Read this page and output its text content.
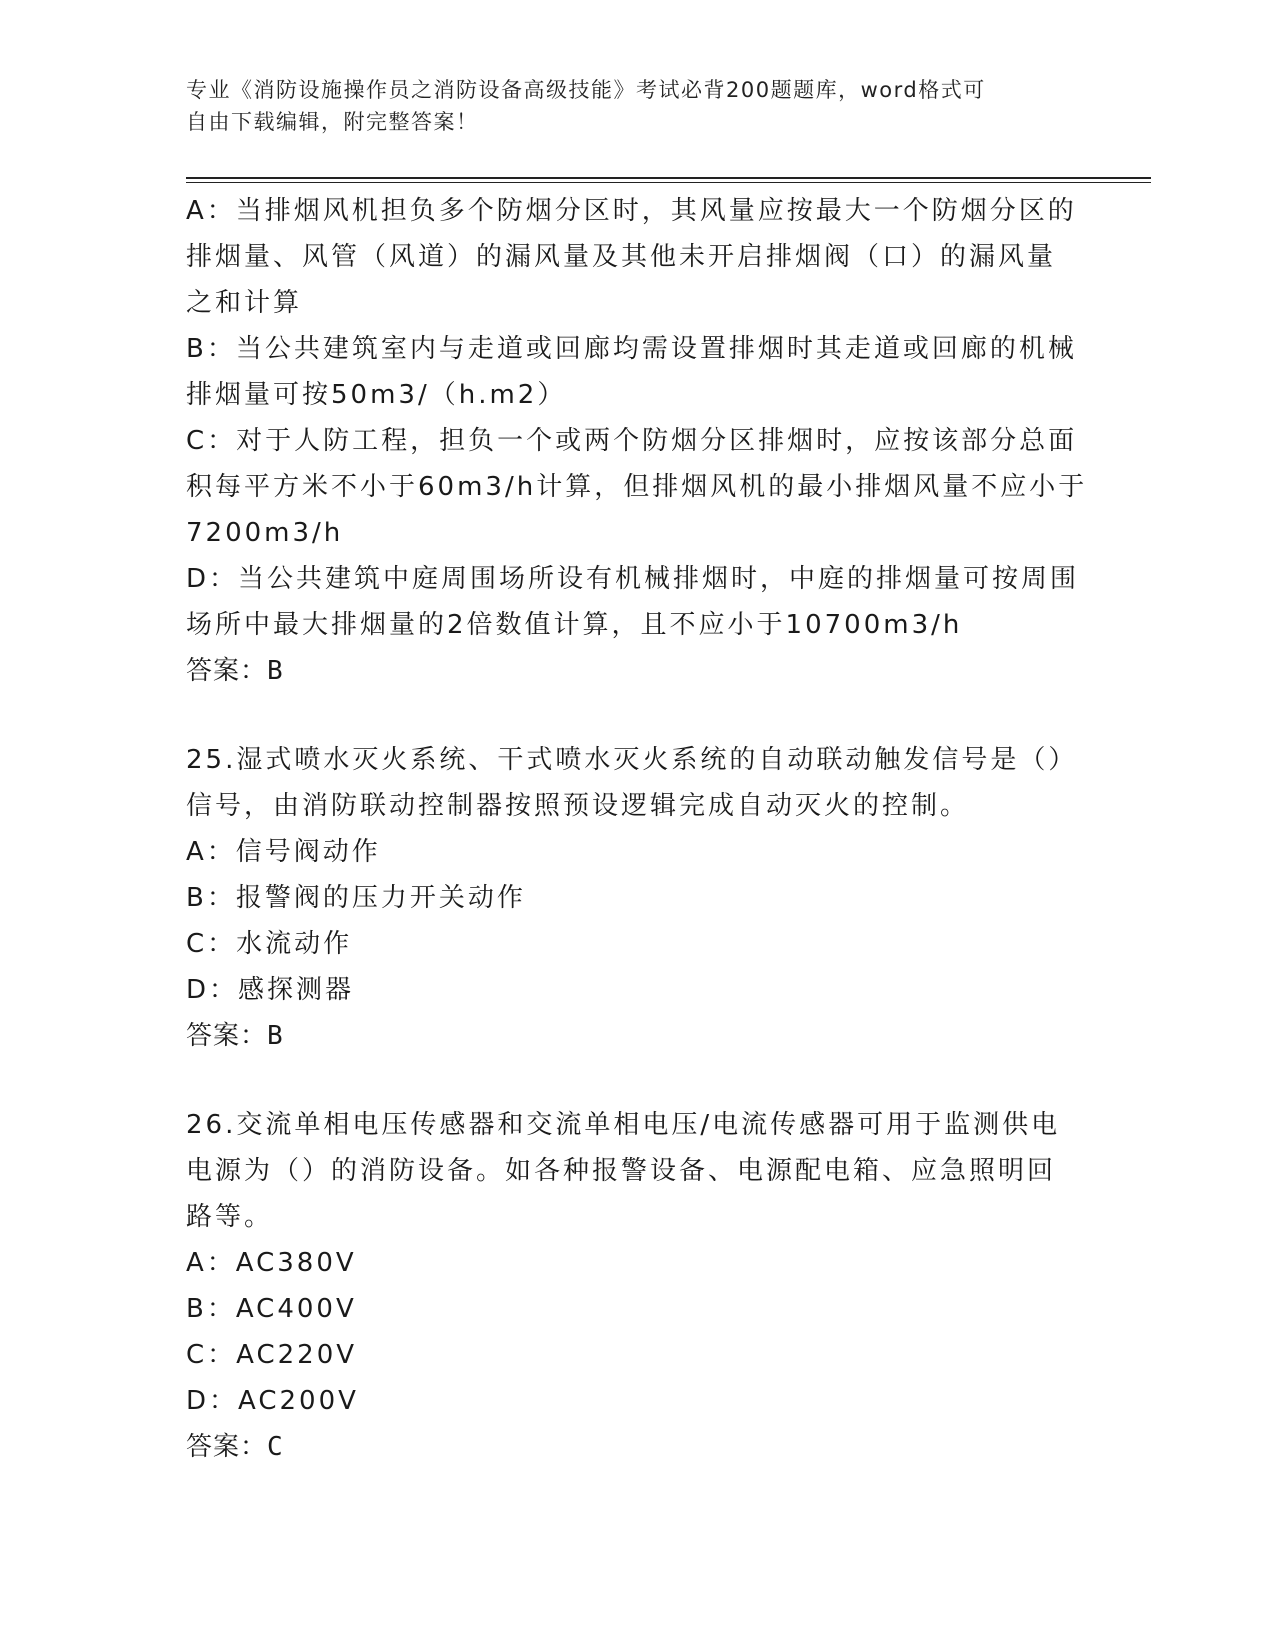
专业《消防设施操作员之消防设备高级技能》考试必背200题题库，word格式可
自由下载编辑，附完整答案！
A：当排烟风机担负多个防烟分区时，其风量应按最大一个防烟分区的
排烟量、风管（风道）的漏风量及其他未开启排烟阀（口）的漏风量
之和计算
B：当公共建筑室内与走道或回廊均需设置排烟时其走道或回廊的机械
排烟量可按50m3/（h.m2）
C：对于人防工程，担负一个或两个防烟分区排烟时，应按该部分总面
积每平方米不小于60m3/h计算，但排烟风机的最小排烟风量不应小于
7200m3/h
D：当公共建筑中庭周围场所设有机械排烟时，中庭的排烟量可按周围
场所中最大排烟量的2倍数值计算，且不应小于10700m3/h
答案：B
25.湿式喷水灭火系统、干式喷水灭火系统的自动联动触发信号是（）
信号，由消防联动控制器按照预设逻辑完成自动灭火的控制。
A：信号阀动作
B：报警阀的压力开关动作
C：水流动作
D：感探测器
答案：B
26.交流单相电压传感器和交流单相电压/电流传感器可用于监测供电
电源为（）的消防设备。如各种报警设备、电源配电箱、应急照明回
路等。
A：AC380V
B：AC400V
C：AC220V
D：AC200V
答案：C
